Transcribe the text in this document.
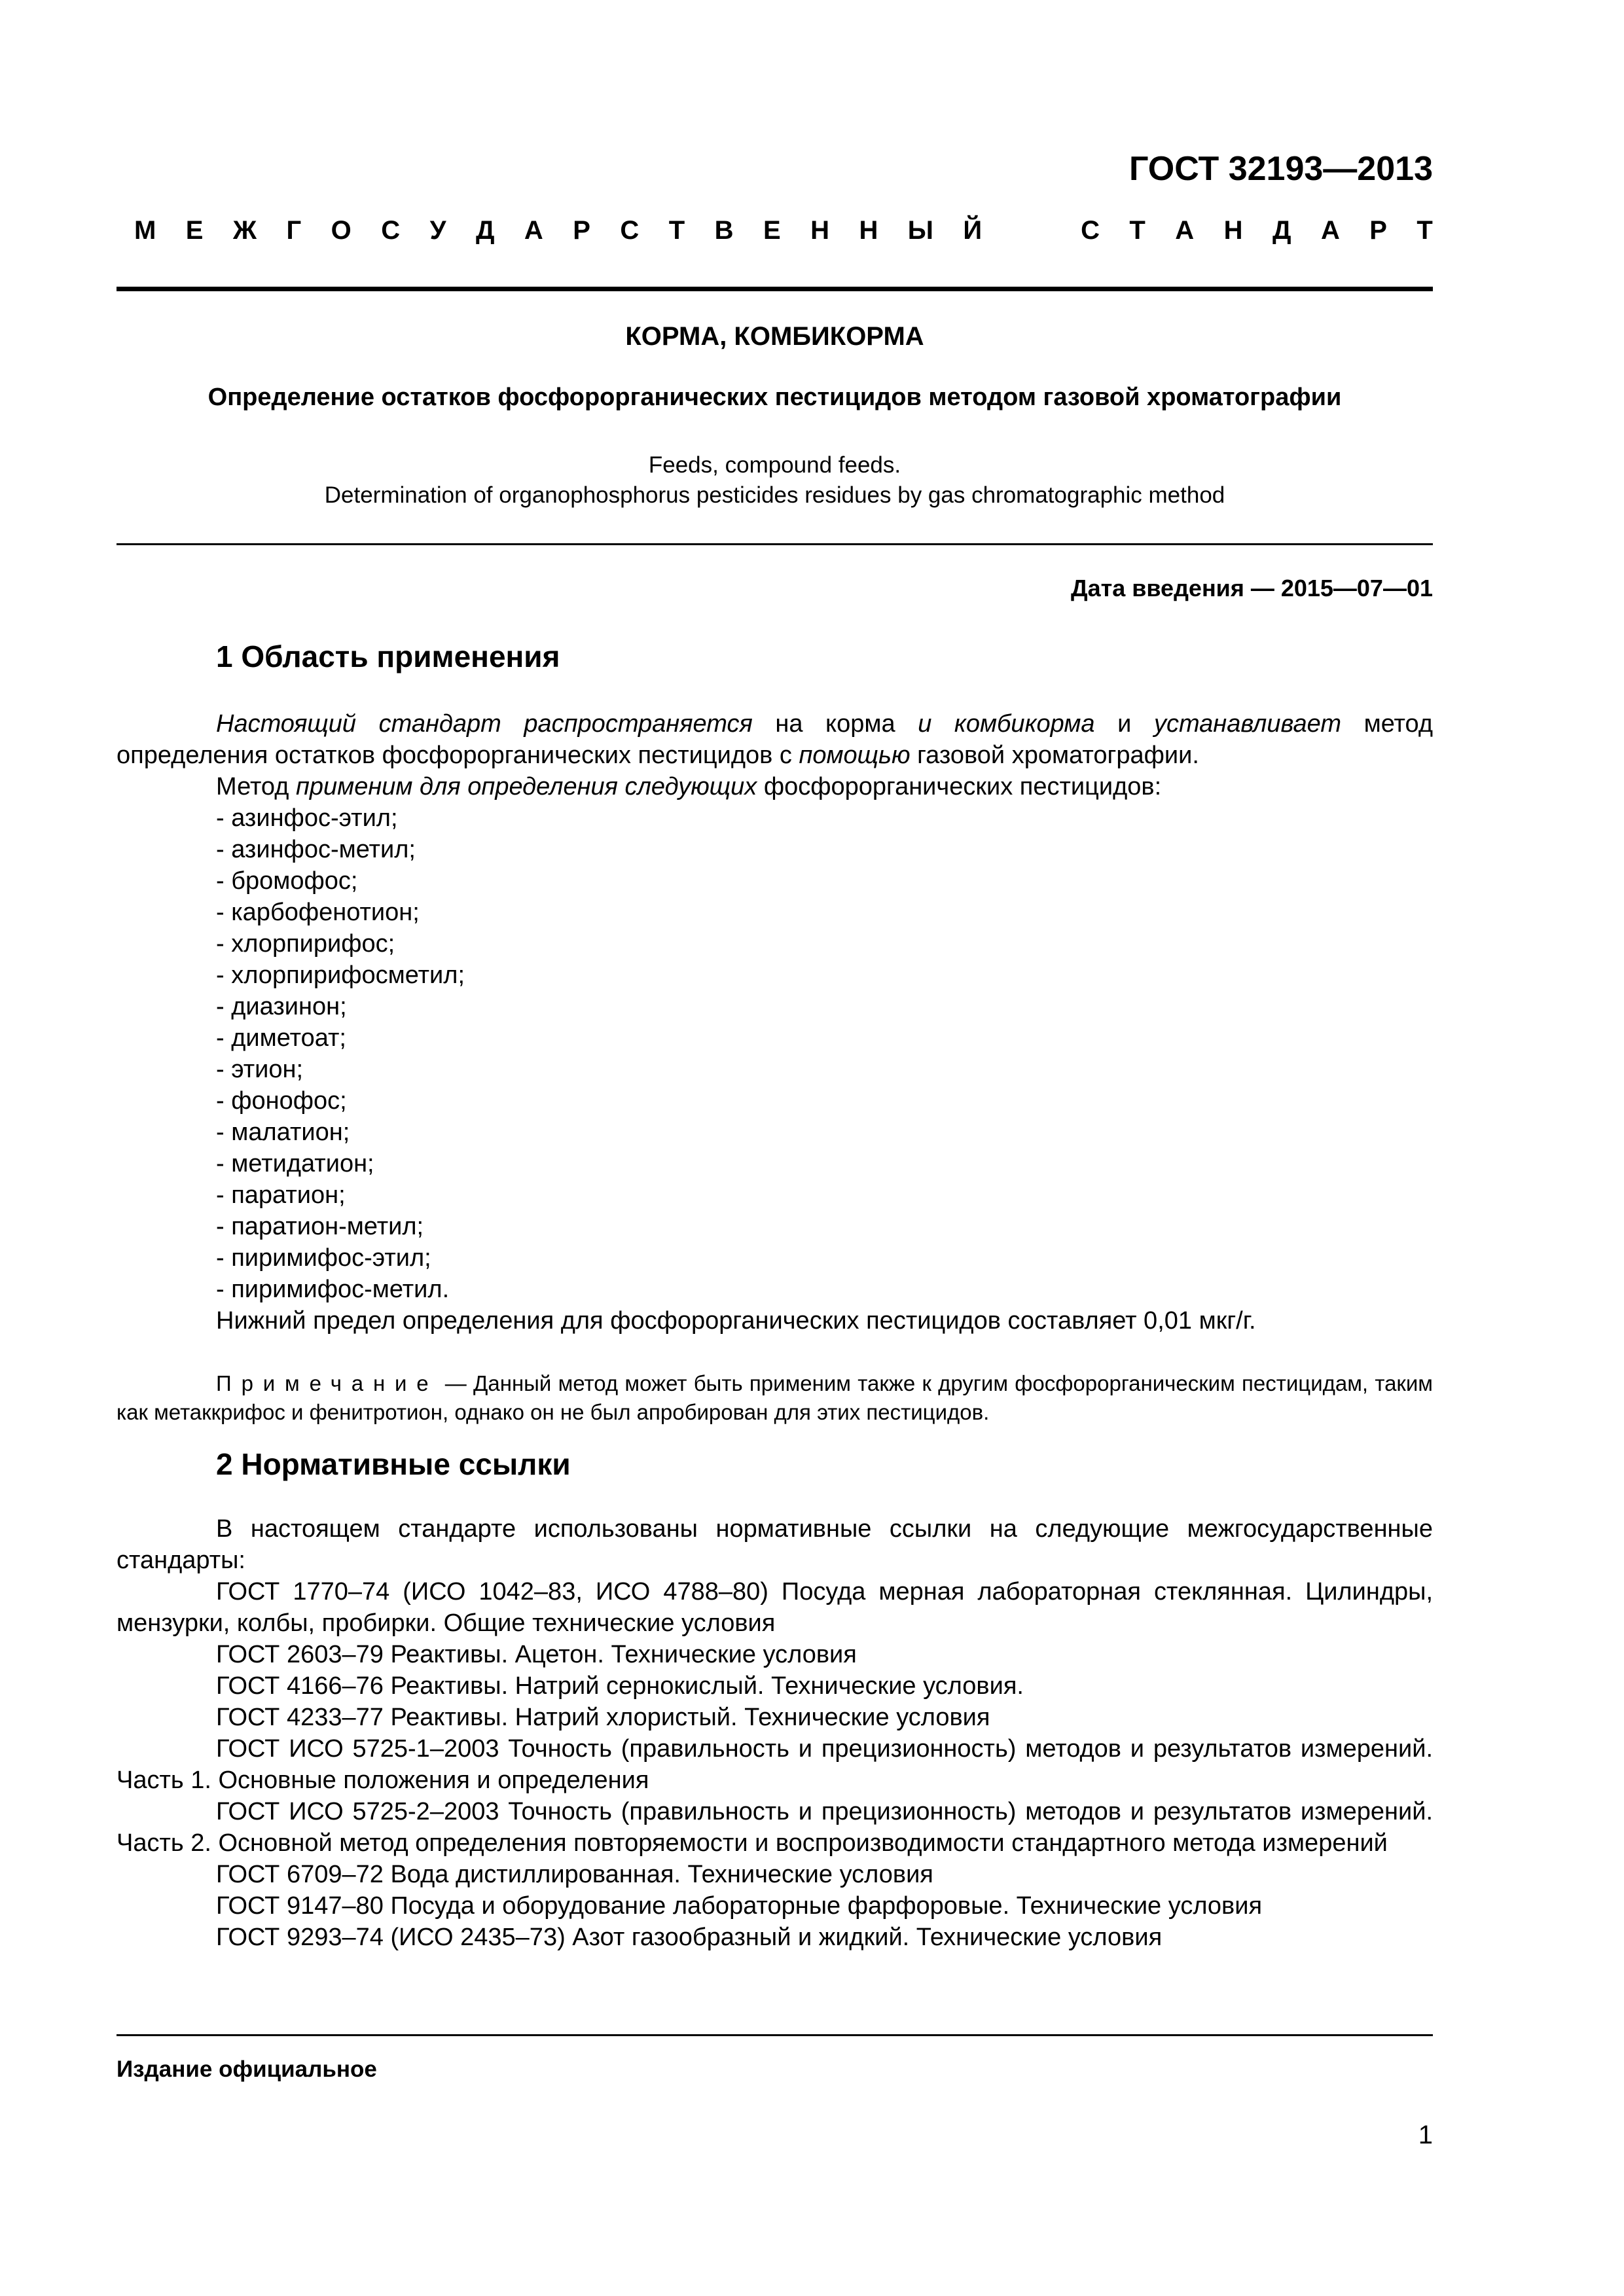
ГОСТ 32193—2013
М Е Ж Г О С У Д А Р С Т В Е Н Н Ы Й	С Т А Н Д А Р Т
КОРМА, КОМБИКОРМА
Определение остатков фосфорорганических пестицидов методом газовой хроматографии
Feeds, compound feeds.
Determination of organophosphorus pesticides residues by gas chromatographic method
Дата введения — 2015—07—01
1 Область применения

Настоящий стандарт распространяется на корма и комбикорма и устанавливает метод определения остатков фосфорорганических пестицидов с помощью газовой хроматографии.

Метод применим для определения следующих фосфорорганических пестицидов:

- азинфос-этил;

- азинфос-метил;

- бромофос;

- карбофенотион;

- хлорпирифос;

- хлорпирифосметил;

- диазинон;

- диметоат;

- этион;

- фонофос;

- малатион;

- метидатион;

- паратион;

- паратион-метил;

- пиримифос-этил;

- пиримифос-метил.

Нижний предел определения для фосфорорганических пестицидов составляет 0,01 мкг/г.

Примечание — Данный метод может быть применим также к другим фосфорорганическим пестицидам, таким как метаккрифос и фенитротион, однако он не был апробирован для этих пестицидов.
2 Нормативные ссылки

В настоящем стандарте использованы нормативные ссылки на следующие межгосударственные стандарты:

ГОСТ 1770–74 (ИСО 1042–83, ИСО 4788–80) Посуда мерная лабораторная стеклянная. Цилиндры, мензурки, колбы, пробирки. Общие технические условия

ГОСТ 2603–79 Реактивы. Ацетон. Технические условия

ГОСТ 4166–76 Реактивы. Натрий сернокислый. Технические условия.

ГОСТ 4233–77 Реактивы. Натрий хлористый. Технические условия

ГОСТ ИСО 5725-1–2003 Точность (правильность и прецизионность) методов и результатов измерений. Часть 1. Основные положения и определения

ГОСТ ИСО 5725-2–2003 Точность (правильность и прецизионность) методов и результатов измерений. Часть 2. Основной метод определения повторяемости и воспроизводимости стандартного метода измерений

ГОСТ 6709–72 Вода дистиллированная. Технические условия

ГОСТ 9147–80 Посуда и оборудование лабораторные фарфоровые. Технические условия

ГОСТ 9293–74 (ИСО 2435–73) Азот газообразный и жидкий. Технические условия

Издание официальное
1
